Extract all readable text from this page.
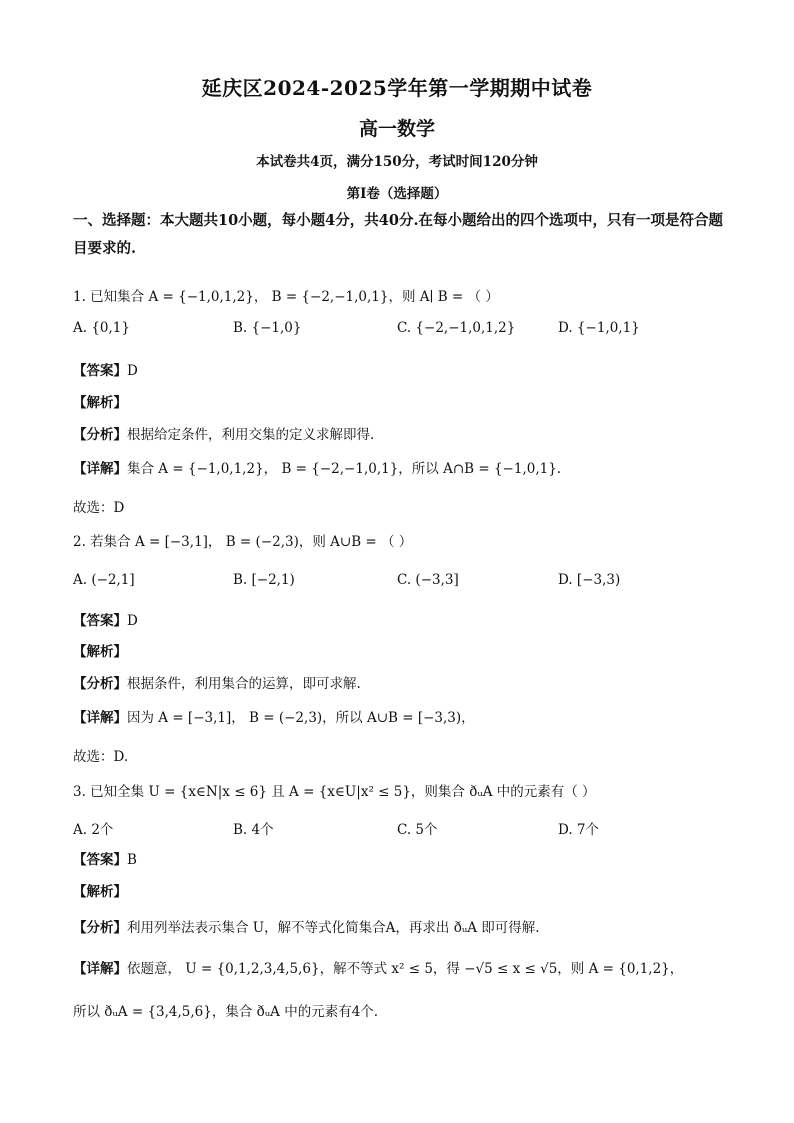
延庆区2024-2025学年第一学期期中试卷
高一数学
本试卷共4页，满分150分，考试时间120分钟
第I卷（选择题）
一、选择题：本大题共10小题，每小题4分，共40分.在每小题给出的四个选项中，只有一项是符合题目要求的.
1. 已知集合 A = {−1,0,1,2}， B = {−2,−1,0,1}，则 A∣ B = （ ）
A. {0,1}	B. {−1,0}	C. {−2,−1,0,1,2}	D. {−1,0,1}
【答案】D
【解析】
【分析】根据给定条件，利用交集的定义求解即得.
【详解】集合 A = {−1,0,1,2}， B = {−2,−1,0,1}，所以 A∩B = {−1,0,1}.
故选：D
2. 若集合 A = [−3,1]， B = (−2,3)，则 A∪B = （ ）
A. (−2,1]	B. [−2,1)	C. (−3,3]	D. [−3,3)
【答案】D
【解析】
【分析】根据条件，利用集合的运算，即可求解.
【详解】因为 A = [−3,1]， B = (−2,3)，所以 A∪B = [−3,3)，
故选：D.
3. 已知全集 U = {x∈N|x ≤ 6} 且 A = {x∈U|x² ≤ 5}，则集合 ðᵤA 中的元素有（ ）
A. 2个	B. 4个	C. 5个	D. 7个
【答案】B
【解析】
【分析】利用列举法表示集合 U，解不等式化简集合A，再求出 ðᵤA 即可得解.
【详解】依题意， U = {0,1,2,3,4,5,6}，解不等式 x² ≤ 5，得 −√5 ≤ x ≤ √5，则 A = {0,1,2}，
所以 ðᵤA = {3,4,5,6}，集合 ðᵤA 中的元素有4个.
